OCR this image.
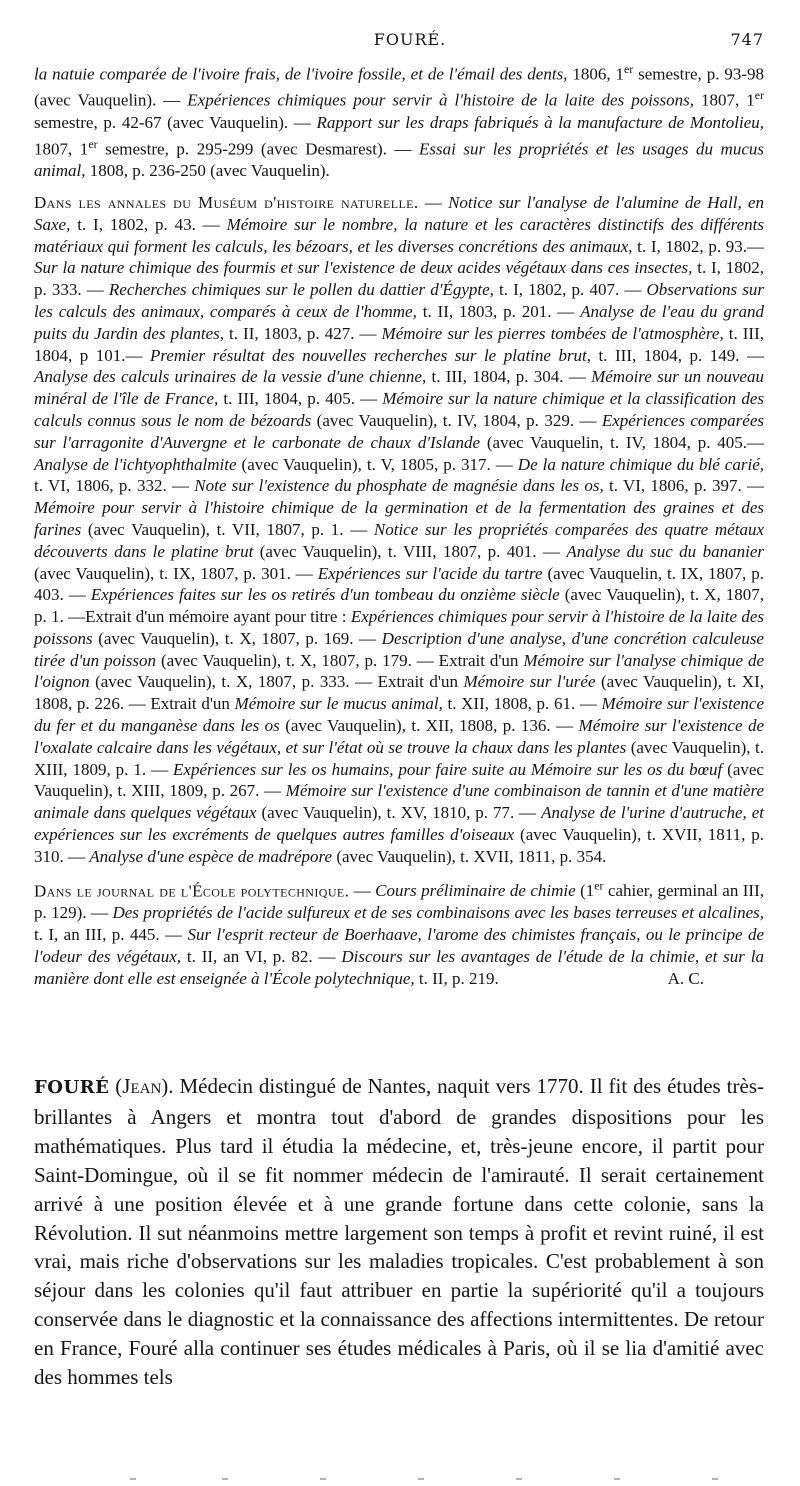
FOURÉ.	747

la natuie comparée de l'ivoire frais, de l'ivoire fossile, et de l'émail des dents, 1806, 1er semestre, p. 93-98 (avec Vauquelin). — Expériences chimiques pour servir à l'histoire de la laite des poissons, 1807, 1er semestre, p. 42-67 (avec Vauquelin). — Rapport sur les draps fabriqués à la manufacture de Montolieu, 1807, 1er semestre, p. 295-299 (avec Desmarest). — Essai sur les propriétés et les usages du mucus animal, 1808, p. 236-250 (avec Vauquelin).

Dans les annales du Muséum d'histoire naturelle. — Notice sur l'analyse de l'alumine de Hall, en Saxe, t. I, 1802, p. 43. — Mémoire sur le nombre, la nature et les caractères distinctifs des différents matériaux qui forment les calculs, les bézoars, et les diverses concrétions des animaux, t. I, 1802, p. 93.— Sur la nature chimique des fourmis et sur l'existence de deux acides végétaux dans ces insectes, t. I, 1802, p. 333. — Recherches chimiques sur le pollen du dattier d'Égypte, t. I, 1802, p. 407. — Observations sur les calculs des animaux, comparés à ceux de l'homme, t. II, 1803, p. 201. — Analyse de l'eau du grand puits du Jardin des plantes, t. II, 1803, p. 427. — Mémoire sur les pierres tombées de l'atmosphère, t. III, 1804, p 101.— Premier résultat des nouvelles recherches sur le platine brut, t. III, 1804, p. 149. — Analyse des calculs urinaires de la vessie d'une chienne, t. III, 1804, p. 304. — Mémoire sur un nouveau minéral de l'île de France, t. III, 1804, p. 405. — Mémoire sur la nature chimique et la classification des calculs connus sous le nom de bézoards (avec Vauquelin), t. IV, 1804, p. 329. — Expériences comparées sur l'arragonite d'Auvergne et le carbonate de chaux d'Islande (avec Vauquelin, t. IV, 1804, p. 405.— Analyse de l'ichtyophthalmite (avec Vauquelin), t. V, 1805, p. 317. — De la nature chimique du blé carié, t. VI, 1806, p. 332. — Note sur l'existence du phosphate de magnésie dans les os, t. VI, 1806, p. 397. — Mémoire pour servir à l'histoire chimique de la germination et de la fermentation des graines et des farines (avec Vauquelin), t. VII, 1807, p. 1. — Notice sur les propriétés comparées des quatre métaux découverts dans le platine brut (avec Vauquelin), t. VIII, 1807, p. 401. — Analyse du suc du bananier (avec Vauquelin), t. IX, 1807, p. 301. — Expériences sur l'acide du tartre (avec Vauquelin, t. IX, 1807, p. 403. — Expériences faites sur les os retirés d'un tombeau du onzième siècle (avec Vauquelin), t. X, 1807, p. 1. —Extrait d'un mémoire ayant pour titre : Expériences chimiques pour servir à l'histoire de la laite des poissons (avec Vauquelin), t. X, 1807, p. 169. — Description d'une analyse, d'une concrétion calculeuse tirée d'un poisson (avec Vauquelin), t. X, 1807, p. 179. — Extrait d'un Mémoire sur l'analyse chimique de l'oignon (avec Vauquelin), t. X, 1807, p. 333. — Extrait d'un Mémoire sur l'urée (avec Vauquelin), t. XI, 1808, p. 226. — Extrait d'un Mémoire sur le mucus animal, t. XII, 1808, p. 61. — Mémoire sur l'existence du fer et du manganèse dans les os (avec Vauquelin), t. XII, 1808, p. 136. — Mémoire sur l'existence de l'oxalate calcaire dans les végétaux, et sur l'état où se trouve la chaux dans les plantes (avec Vauquelin), t. XIII, 1809, p. 1. — Expériences sur les os humains, pour faire suite au Mémoire sur les os du bœuf (avec Vauquelin), t. XIII, 1809, p. 267. — Mémoire sur l'existence d'une combinaison de tannin et d'une matière animale dans quelques végétaux (avec Vauquelin), t. XV, 1810, p. 77. — Analyse de l'urine d'autruche, et expériences sur les excréments de quelques autres familles d'oiseaux (avec Vauquelin), t. XVII, 1811, p. 310. — Analyse d'une espèce de madrépore (avec Vauquelin), t. XVII, 1811, p. 354.

Dans le journal de l'École polytechnique. — Cours préliminaire de chimie (1er cahier, germinal an III, p. 129). — Des propriétés de l'acide sulfureux et de ses combinaisons avec les bases terreuses et alcalines, t. I, an III, p. 445. — Sur l'esprit recteur de Boerhaave, l'arome des chimistes français, ou le principe de l'odeur des végétaux, t. II, an VI, p. 82. — Discours sur les avantages de l'étude de la chimie, et sur la manière dont elle est enseignée à l'École polytechnique, t. II, p. 219.	A. C.

FOURÉ (Jean). Médecin distingué de Nantes, naquit vers 1770. Il fit des études très-brillantes à Angers et montra tout d'abord de grandes dispositions pour les mathématiques. Plus tard il étudia la médecine, et, très-jeune encore, il partit pour Saint-Domingue, où il se fit nommer médecin de l'amirauté. Il serait certainement arrivé à une position élevée et à une grande fortune dans cette colonie, sans la Révolution. Il sut néanmoins mettre largement son temps à profit et revint ruiné, il est vrai, mais riche d'observations sur les maladies tropicales. C'est probablement à son séjour dans les colonies qu'il faut attribuer en partie la supériorité qu'il a toujours conservée dans le diagnostic et la connaissance des affections intermittentes. De retour en France, Fouré alla continuer ses études médicales à Paris, où il se lia d'amitié avec des hommes tels
